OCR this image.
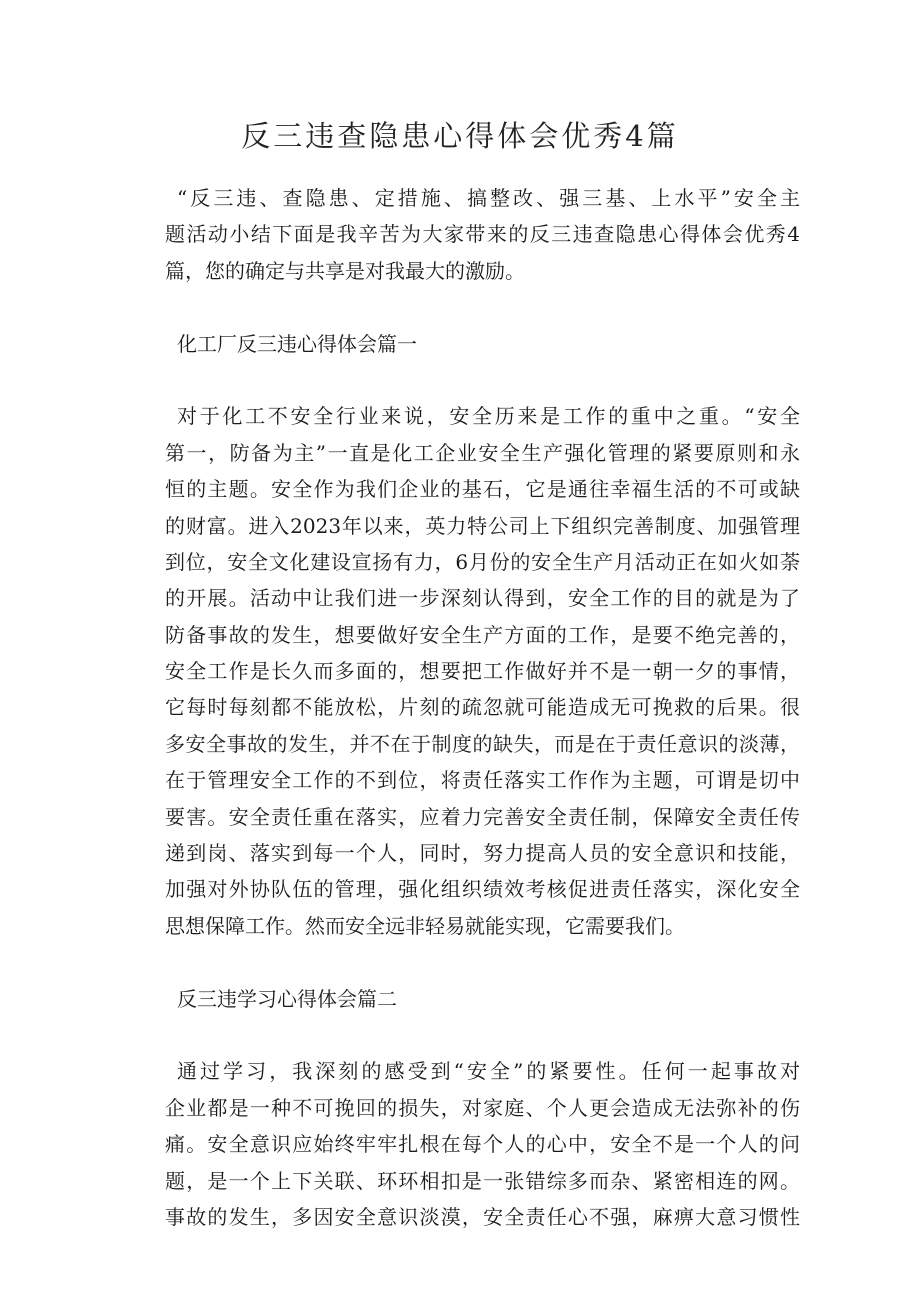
反三违查隐患心得体会优秀4篇
“反三违、查隐患、定措施、搞整改、强三基、上水平”安全主
题活动小结下面是我辛苦为大家带来的反三违查隐患心得体会优秀4
篇，您的确定与共享是对我最大的激励。
化工厂反三违心得体会篇一
对于化工不安全行业来说，安全历来是工作的重中之重。“安全
第一，防备为主”一直是化工企业安全生产强化管理的紧要原则和永
恒的主题。安全作为我们企业的基石，它是通往幸福生活的不可或缺
的财富。进入2023年以来，英力特公司上下组织完善制度、加强管理
到位，安全文化建设宣扬有力，6月份的安全生产月活动正在如火如荼
的开展。活动中让我们进一步深刻认得到，安全工作的目的就是为了
防备事故的发生，想要做好安全生产方面的工作，是要不绝完善的，
安全工作是长久而多面的，想要把工作做好并不是一朝一夕的事情，
它每时每刻都不能放松，片刻的疏忽就可能造成无可挽救的后果。很
多安全事故的发生，并不在于制度的缺失，而是在于责任意识的淡薄，
在于管理安全工作的不到位，将责任落实工作作为主题，可谓是切中
要害。安全责任重在落实，应着力完善安全责任制，保障安全责任传
递到岗、落实到每一个人，同时，努力提高人员的安全意识和技能，
加强对外协队伍的管理，强化组织绩效考核促进责任落实，深化安全
思想保障工作。然而安全远非轻易就能实现，它需要我们。
反三违学习心得体会篇二
通过学习，我深刻的感受到“安全”的紧要性。任何一起事故对
企业都是一种不可挽回的损失，对家庭、个人更会造成无法弥补的伤
痛。安全意识应始终牢牢扎根在每个人的心中，安全不是一个人的问
题，是一个上下关联、环环相扣是一张错综多而杂、紧密相连的网。
事故的发生，多因安全意识淡漠，安全责任心不强，麻痹大意习惯性
